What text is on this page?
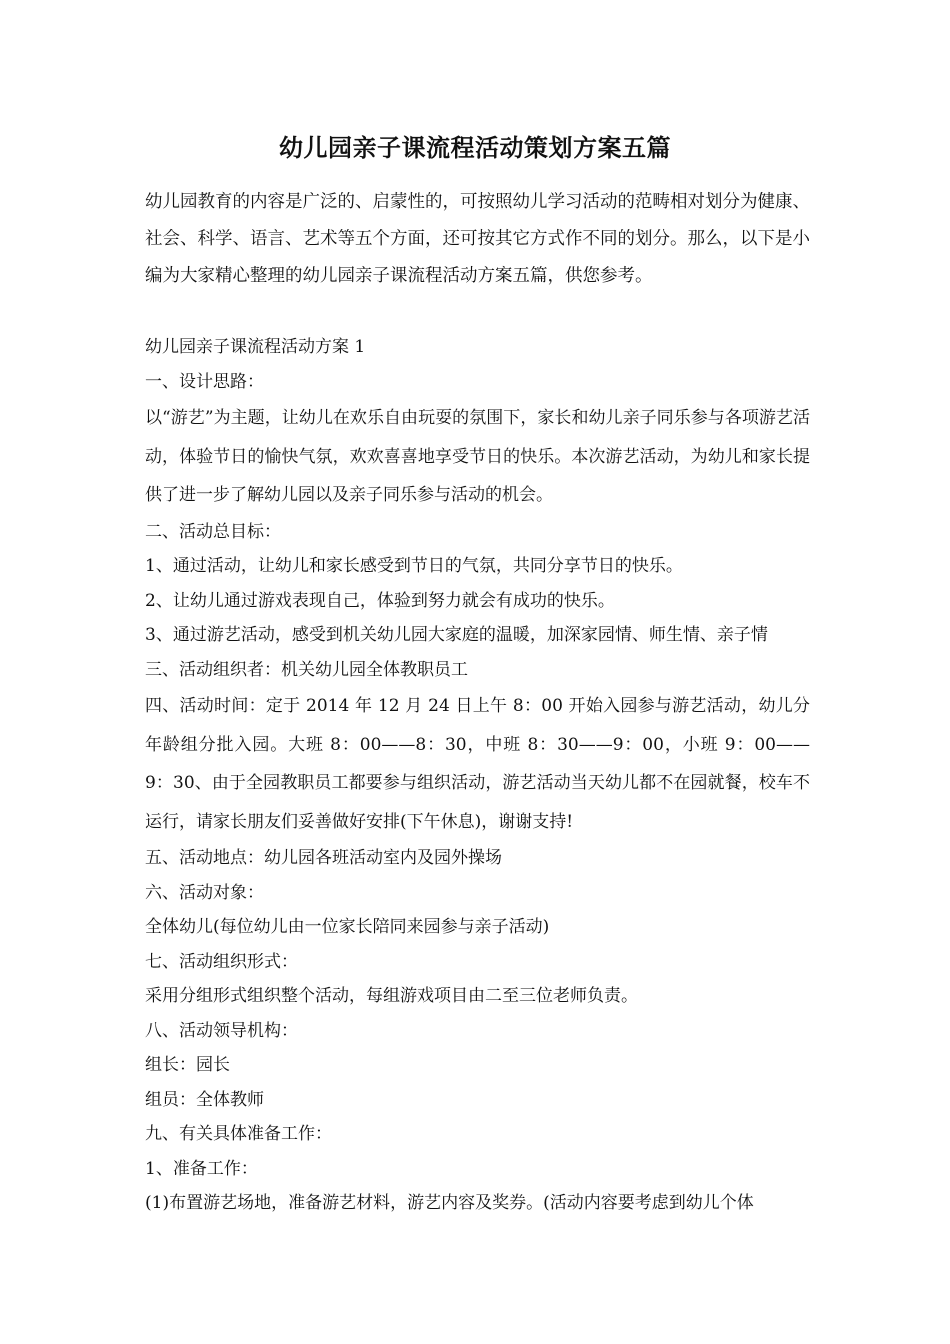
幼儿园亲子课流程活动策划方案五篇

幼儿园教育的内容是广泛的、启蒙性的，可按照幼儿学习活动的范畴相对划分为健康、社会、科学、语言、艺术等五个方面，还可按其它方式作不同的划分。那么，以下是小编为大家精心整理的幼儿园亲子课流程活动方案五篇，供您参考。

幼儿园亲子课流程活动方案 1

一、设计思路：

以“游艺”为主题，让幼儿在欢乐自由玩耍的氛围下，家长和幼儿亲子同乐参与各项游艺活动，体验节日的愉快气氛，欢欢喜喜地享受节日的快乐。本次游艺活动，为幼儿和家长提供了进一步了解幼儿园以及亲子同乐参与活动的机会。

二、活动总目标：

1、通过活动，让幼儿和家长感受到节日的气氛，共同分享节日的快乐。

2、让幼儿通过游戏表现自己，体验到努力就会有成功的快乐。

3、通过游艺活动，感受到机关幼儿园大家庭的温暖，加深家园情、师生情、亲子情

三、活动组织者：机关幼儿园全体教职员工

四、活动时间：定于 2014 年 12 月 24 日上午 8：00 开始入园参与游艺活动，幼儿分年龄组分批入园。大班 8：00——8：30，中班 8：30——9：00，小班 9：00——9：30、由于全园教职员工都要参与组织活动，游艺活动当天幼儿都不在园就餐，校车不运行，请家长朋友们妥善做好安排(下午休息)，谢谢支持!

五、活动地点：幼儿园各班活动室内及园外操场

六、活动对象：

全体幼儿(每位幼儿由一位家长陪同来园参与亲子活动)

七、活动组织形式：

采用分组形式组织整个活动，每组游戏项目由二至三位老师负责。

八、活动领导机构：

组长：园长

组员：全体教师

九、有关具体准备工作：

1、准备工作：

(1)布置游艺场地，准备游艺材料，游艺内容及奖券。(活动内容要考虑到幼儿个体
